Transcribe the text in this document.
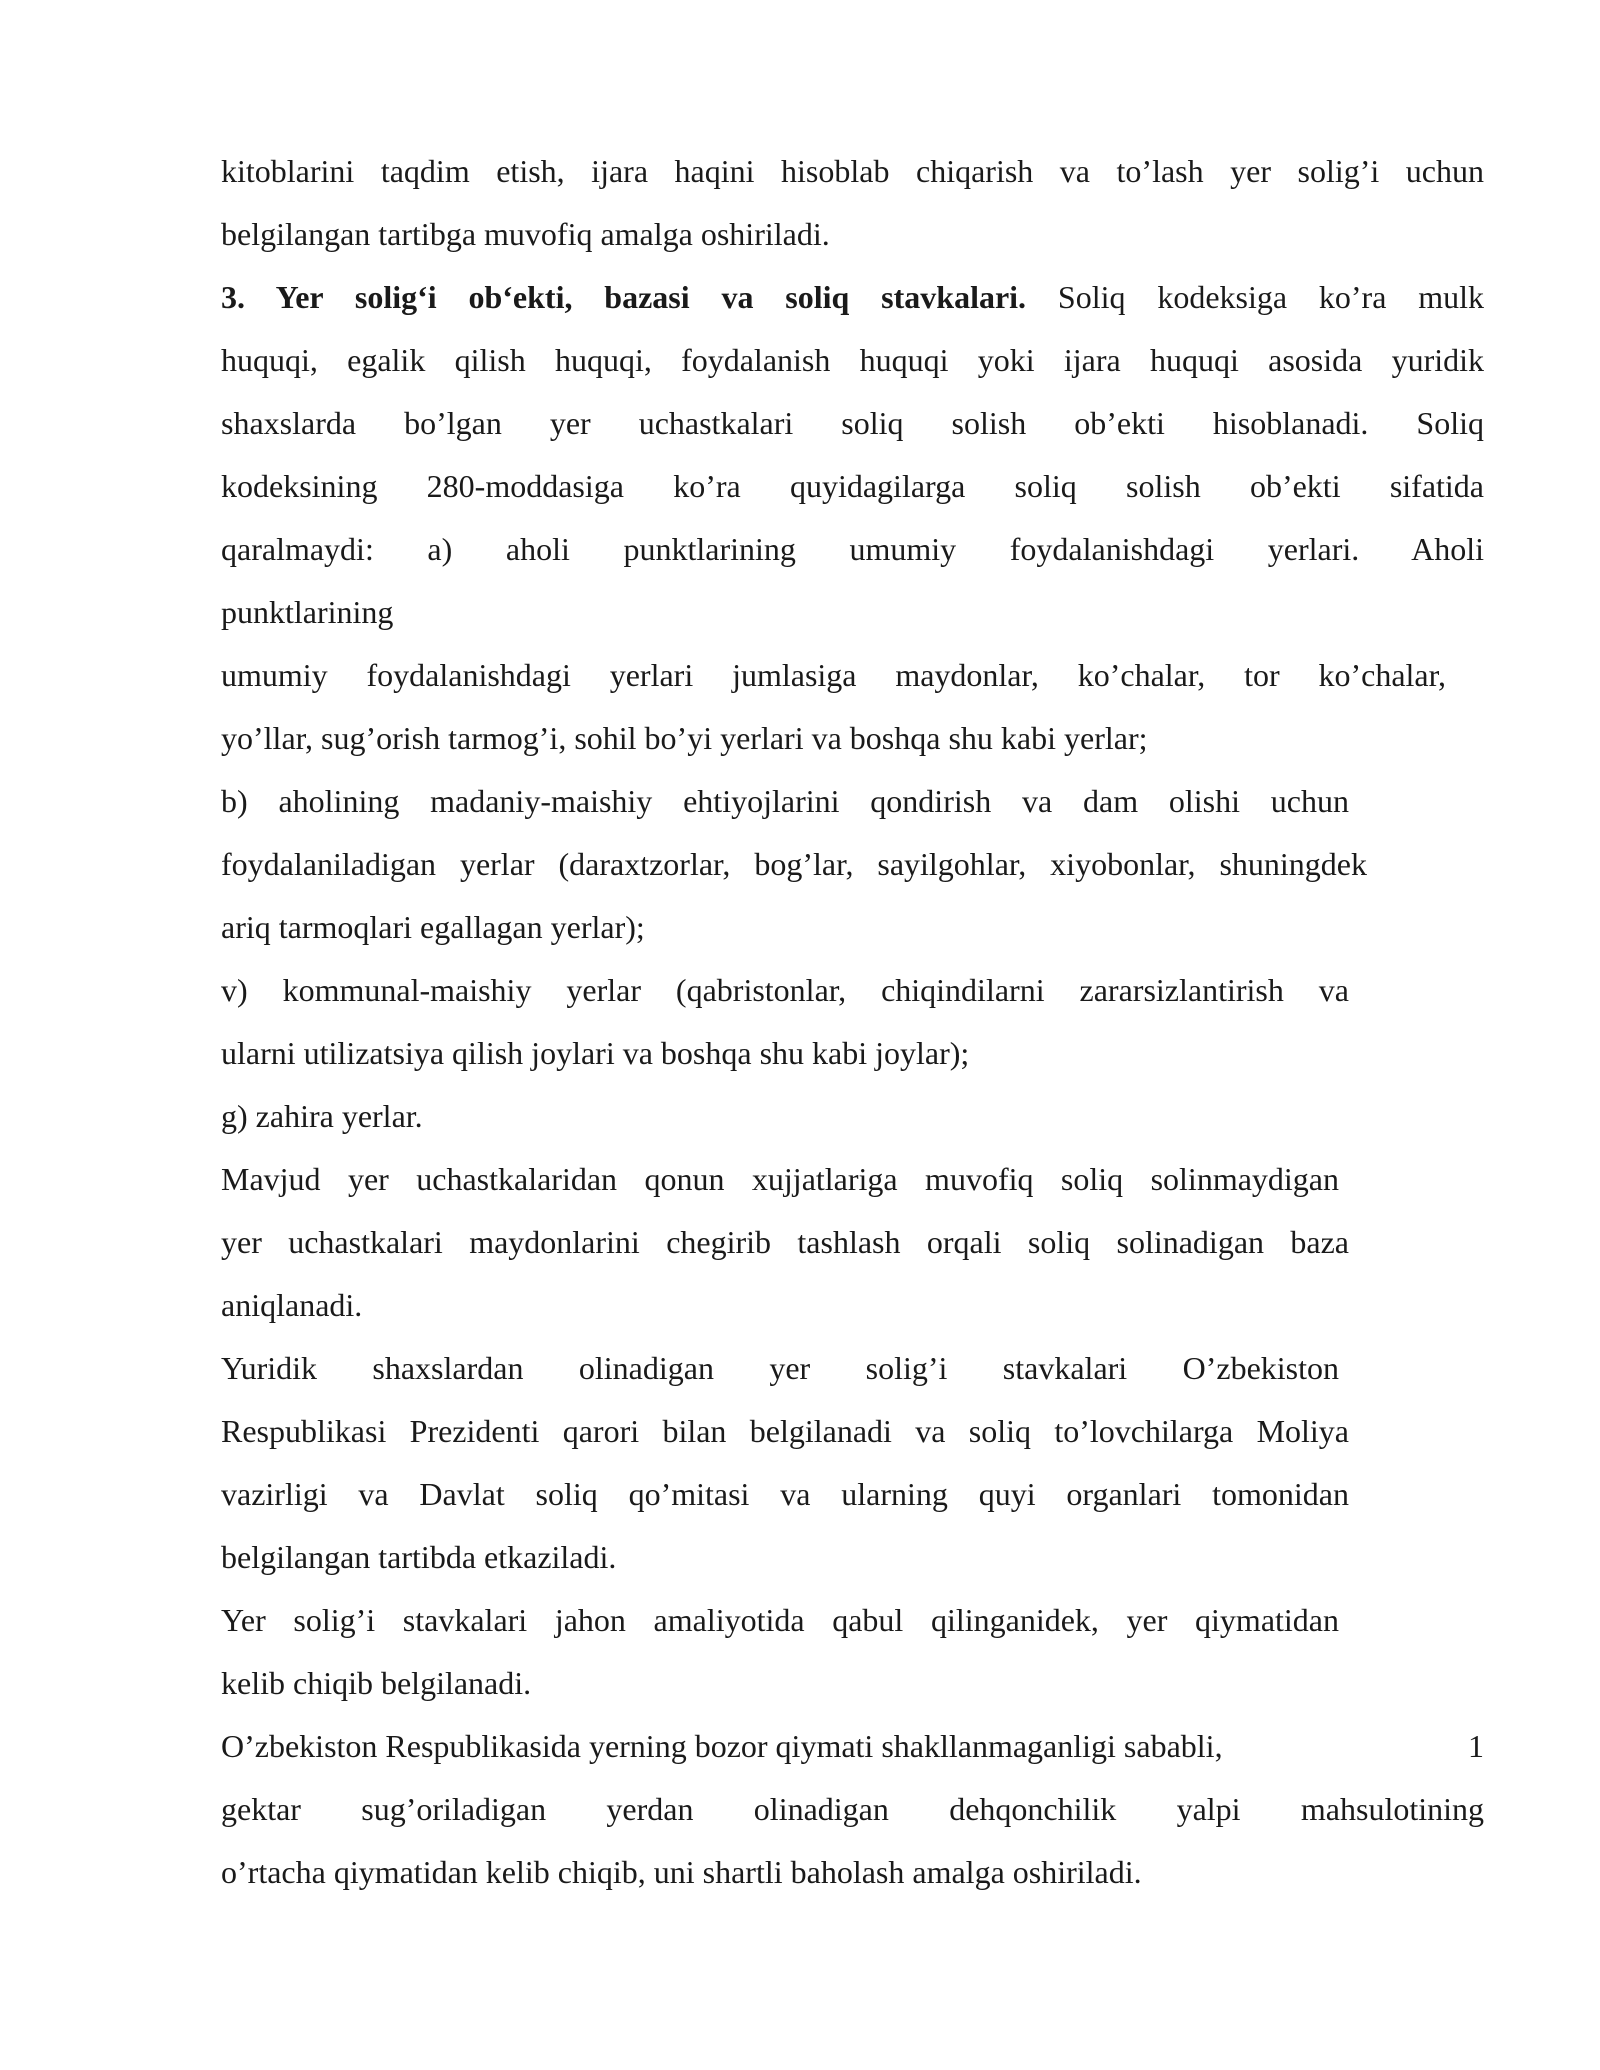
kitoblarini taqdim etish, ijara haqini hisoblab chiqarish va to’lash yer solig’i uchun
belgilangan tartibga muvofiq amalga oshiriladi.
3. Yer solig‘i ob‘ekti, bazasi va soliq stavkalari. Soliq kodeksiga ko’ra mulk
huquqi, egalik qilish huquqi, foydalanish huquqi yoki ijara huquqi asosida yuridik
shaxslarda bo’lgan yer uchastkalari soliq solish ob’ekti hisoblanadi. Soliq
kodeksining 280-moddasiga ko’ra quyidagilarga soliq solish ob’ekti sifatida
qaralmaydi: a) aholi punktlarining umumiy foydalanishdagi yerlari. Aholi
punktlarining
umumiy foydalanishdagi yerlari jumlasiga maydonlar, ko’chalar, tor ko’chalar,
yo’llar, sug’orish tarmog’i, sohil bo’yi yerlari va boshqa shu kabi yerlar;
b) aholining madaniy-maishiy ehtiyojlarini qondirish va dam olishi uchun
foydalaniladigan yerlar (daraxtzorlar, bog’lar, sayilgohlar, xiyobonlar, shuningdek
ariq tarmoqlari egallagan yerlar);
v) kommunal-maishiy yerlar (qabristonlar, chiqindilarni zararsizlantirish va
ularni utilizatsiya qilish joylari va boshqa shu kabi joylar);
g) zahira yerlar.
Mavjud yer uchastkalaridan qonun xujjatlariga muvofiq soliq solinmaydigan
yer uchastkalari maydonlarini chegirib tashlash orqali soliq solinadigan baza
aniqlanadi.
Yuridik shaxslardan olinadigan yer solig’i stavkalari O’zbekiston
Respublikasi Prezidenti qarori bilan belgilanadi va soliq to’lovchilarga Moliya
vazirligi va Davlat soliq qo’mitasi va ularning quyi organlari tomonidan
belgilangan tartibda etkaziladi.
Yer solig’i stavkalari jahon amaliyotida qabul qilinganidek, yer qiymatidan
kelib chiqib belgilanadi.
O’zbekiston Respublikasida yerning bozor qiymati shakllanmaganligi sababli,	1
gektar sug’oriladigan yerdan olinadigan dehqonchilik yalpi mahsulotining
o’rtacha qiymatidan kelib chiqib, uni shartli baholash amalga oshiriladi.
